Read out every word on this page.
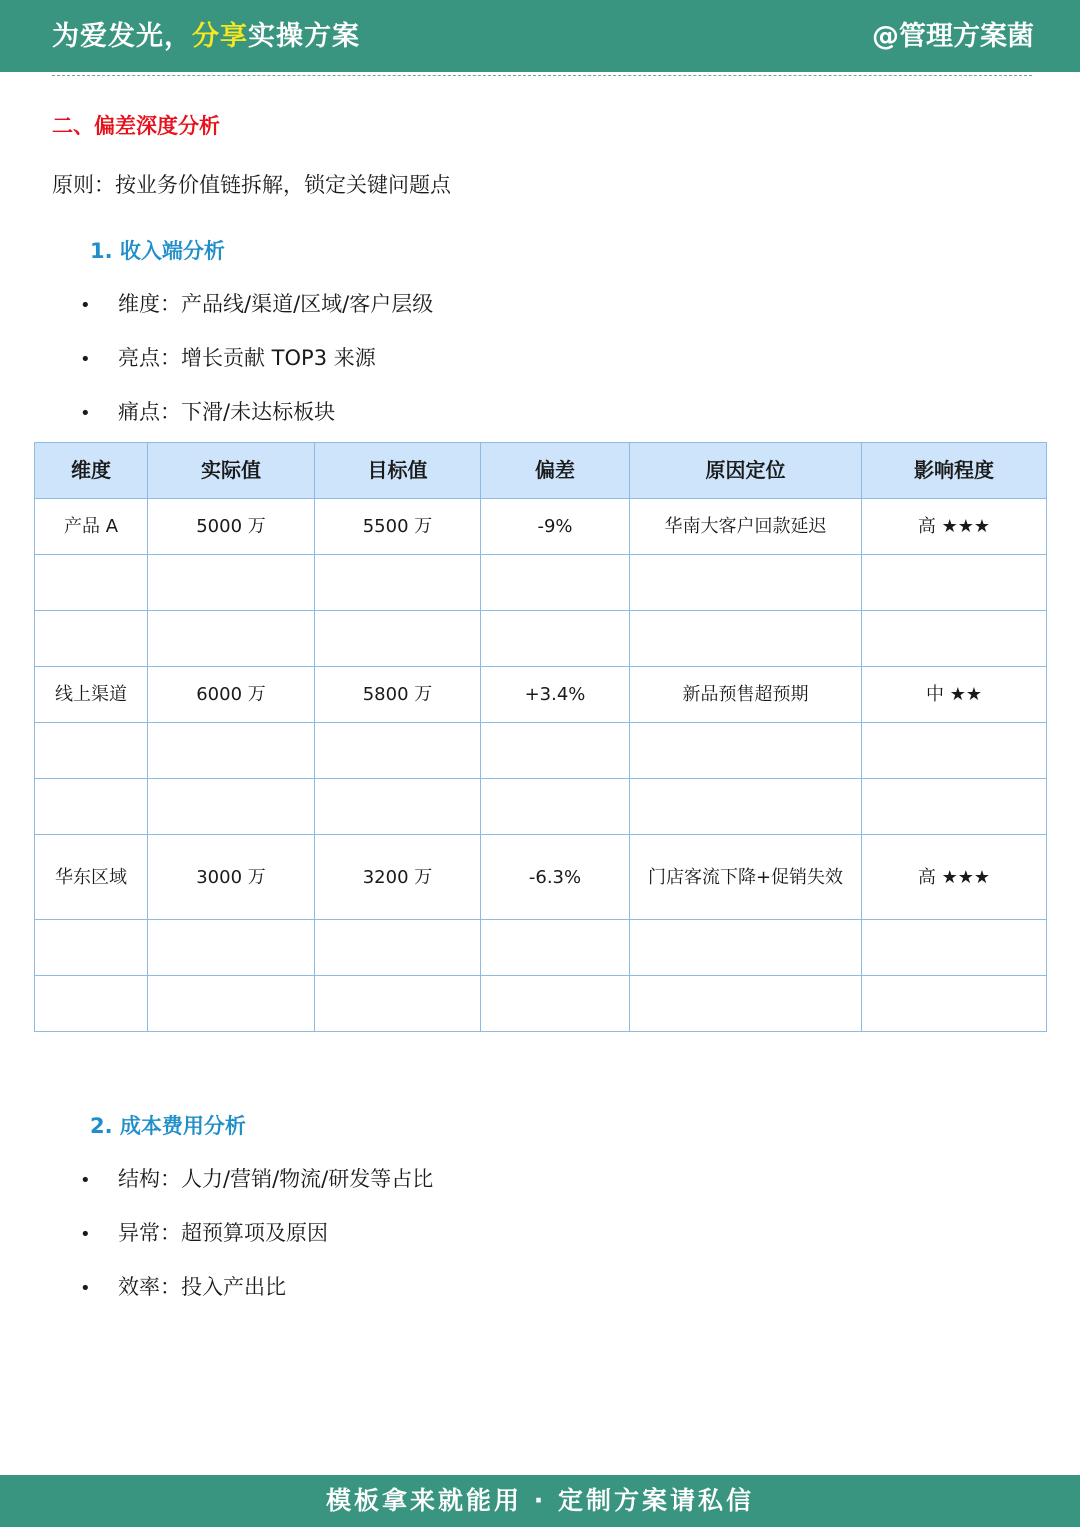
为爱发光，分享实操方案	@管理方案菌
二、偏差深度分析
原则：按业务价值链拆解，锁定关键问题点
1. 收入端分析
• 维度：产品线/渠道/区域/客户层级
• 亮点：增长贡献 TOP3 来源
• 痛点：下滑/未达标板块
维度	实际值	目标值	偏差	原因定位	影响程度
产品 A	5000 万	5500 万	-9%	华南大客户回款延迟	高 ★★★

线上渠道	6000 万	5800 万	+3.4%	新品预售超预期	中 ★★

华东区域	3000 万	3200 万	-6.3%	门店客流下降+促销失效	高 ★★★

2. 成本费用分析
• 结构：人力/营销/物流/研发等占比
• 异常：超预算项及原因
• 效率：投入产出比
模板拿来就能用 · 定制方案请私信
